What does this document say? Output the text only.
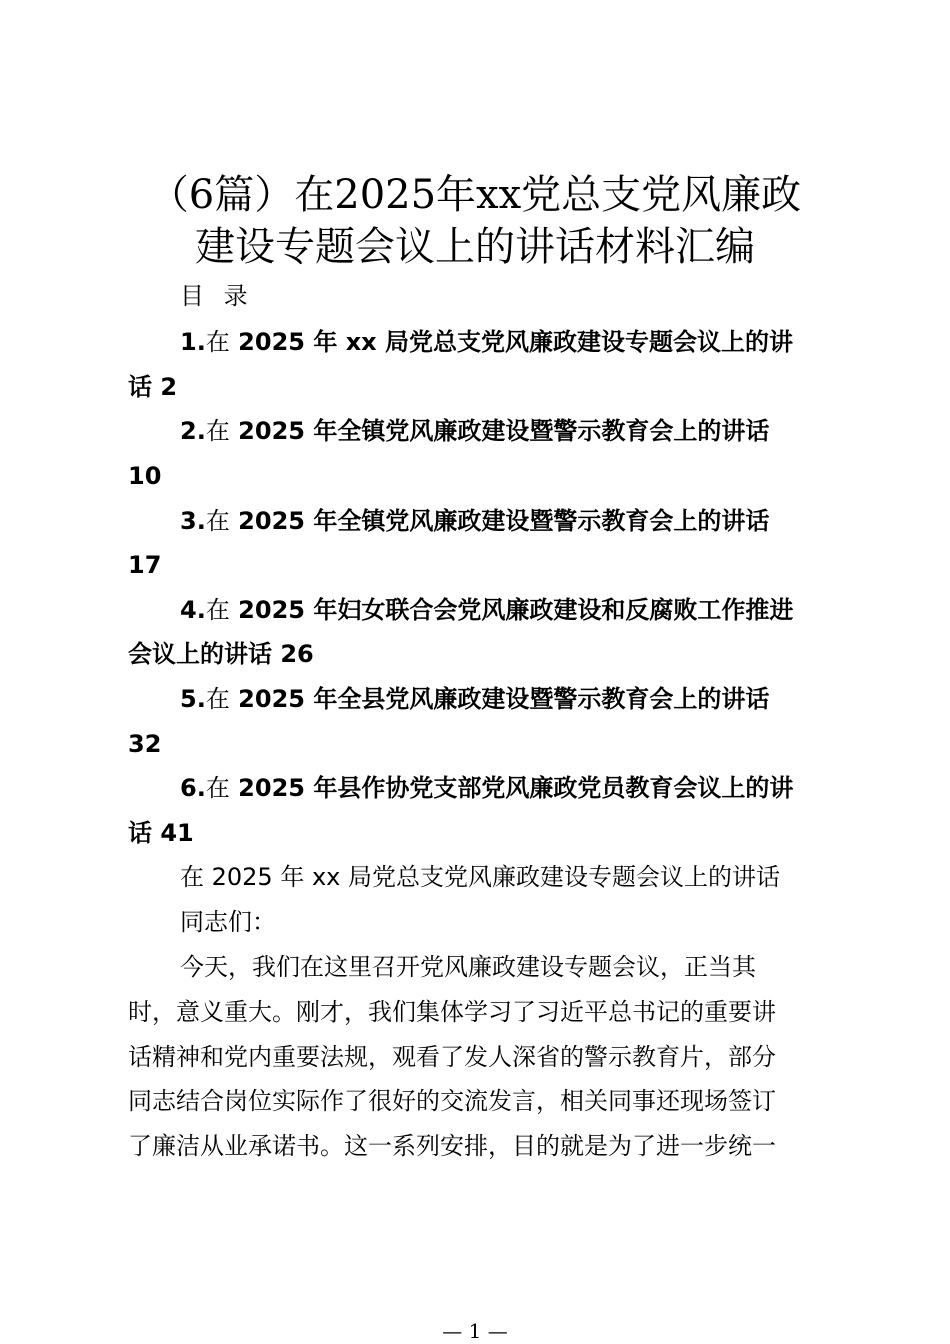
（6篇）在2025年xx党总支党风廉政
建设专题会议上的讲话材料汇编
目 录
1.在 2025 年 xx 局党总支党风廉政建设专题会议上的讲
话 2
2.在 2025 年全镇党风廉政建设暨警示教育会上的讲话
10
3.在 2025 年全镇党风廉政建设暨警示教育会上的讲话
17
4.在 2025 年妇女联合会党风廉政建设和反腐败工作推进
会议上的讲话 26
5.在 2025 年全县党风廉政建设暨警示教育会上的讲话
32
6.在 2025 年县作协党支部党风廉政党员教育会议上的讲
话 41
在 2025 年 xx 局党总支党风廉政建设专题会议上的讲话
同志们：
今天，我们在这里召开党风廉政建设专题会议，正当其
时，意义重大。刚才，我们集体学习了习近平总书记的重要讲
话精神和党内重要法规，观看了发人深省的警示教育片，部分
同志结合岗位实际作了很好的交流发言，相关同事还现场签订
了廉洁从业承诺书。这一系列安排，目的就是为了进一步统一
— 1 —
